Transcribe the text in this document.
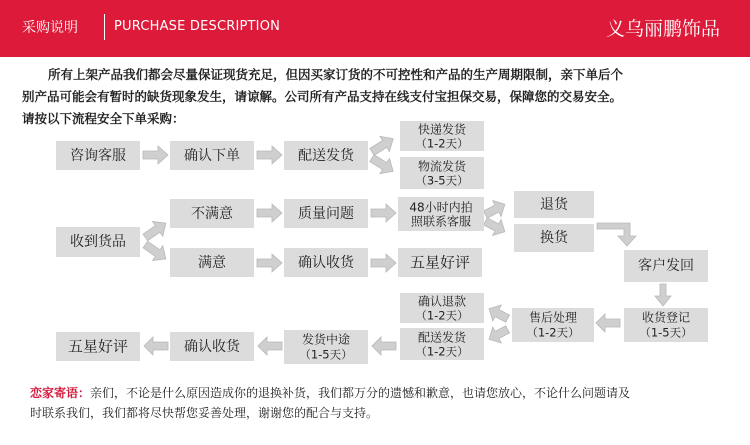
采购说明	PURCHASE DESCRIPTION	义乌丽鹏饰品

所有上架产品我们都会尽量保证现货充足，但因买家订货的不可控性和产品的生产周期限制，亲下单后个

别产品可能会有暂时的缺货现象发生，请谅解。公司所有产品支持在线支付宝担保交易，保障您的交易安全。

请按以下流程安全下单采购：

咨询客服	确认下单	配送发货
快递发货
（1-2天）
物流发货
（3-5天）
收到货品
不满意
满意
质量问题
确认收货
48小时内拍
照联系客服
五星好评
退货
换货
客户发回
收货登记
（1-5天）
售后处理
（1-2天）
确认退款
（1-2天）
配送发货
（1-2天）
发货中途
（1-5天）
确认收货
五星好评
恋家寄语：亲们，不论是什么原因造成你的退换补货，我们都万分的遗憾和歉意，也请您放心，不论什么问题请及
时联系我们，我们都将尽快帮您妥善处理，谢谢您的配合与支持。
